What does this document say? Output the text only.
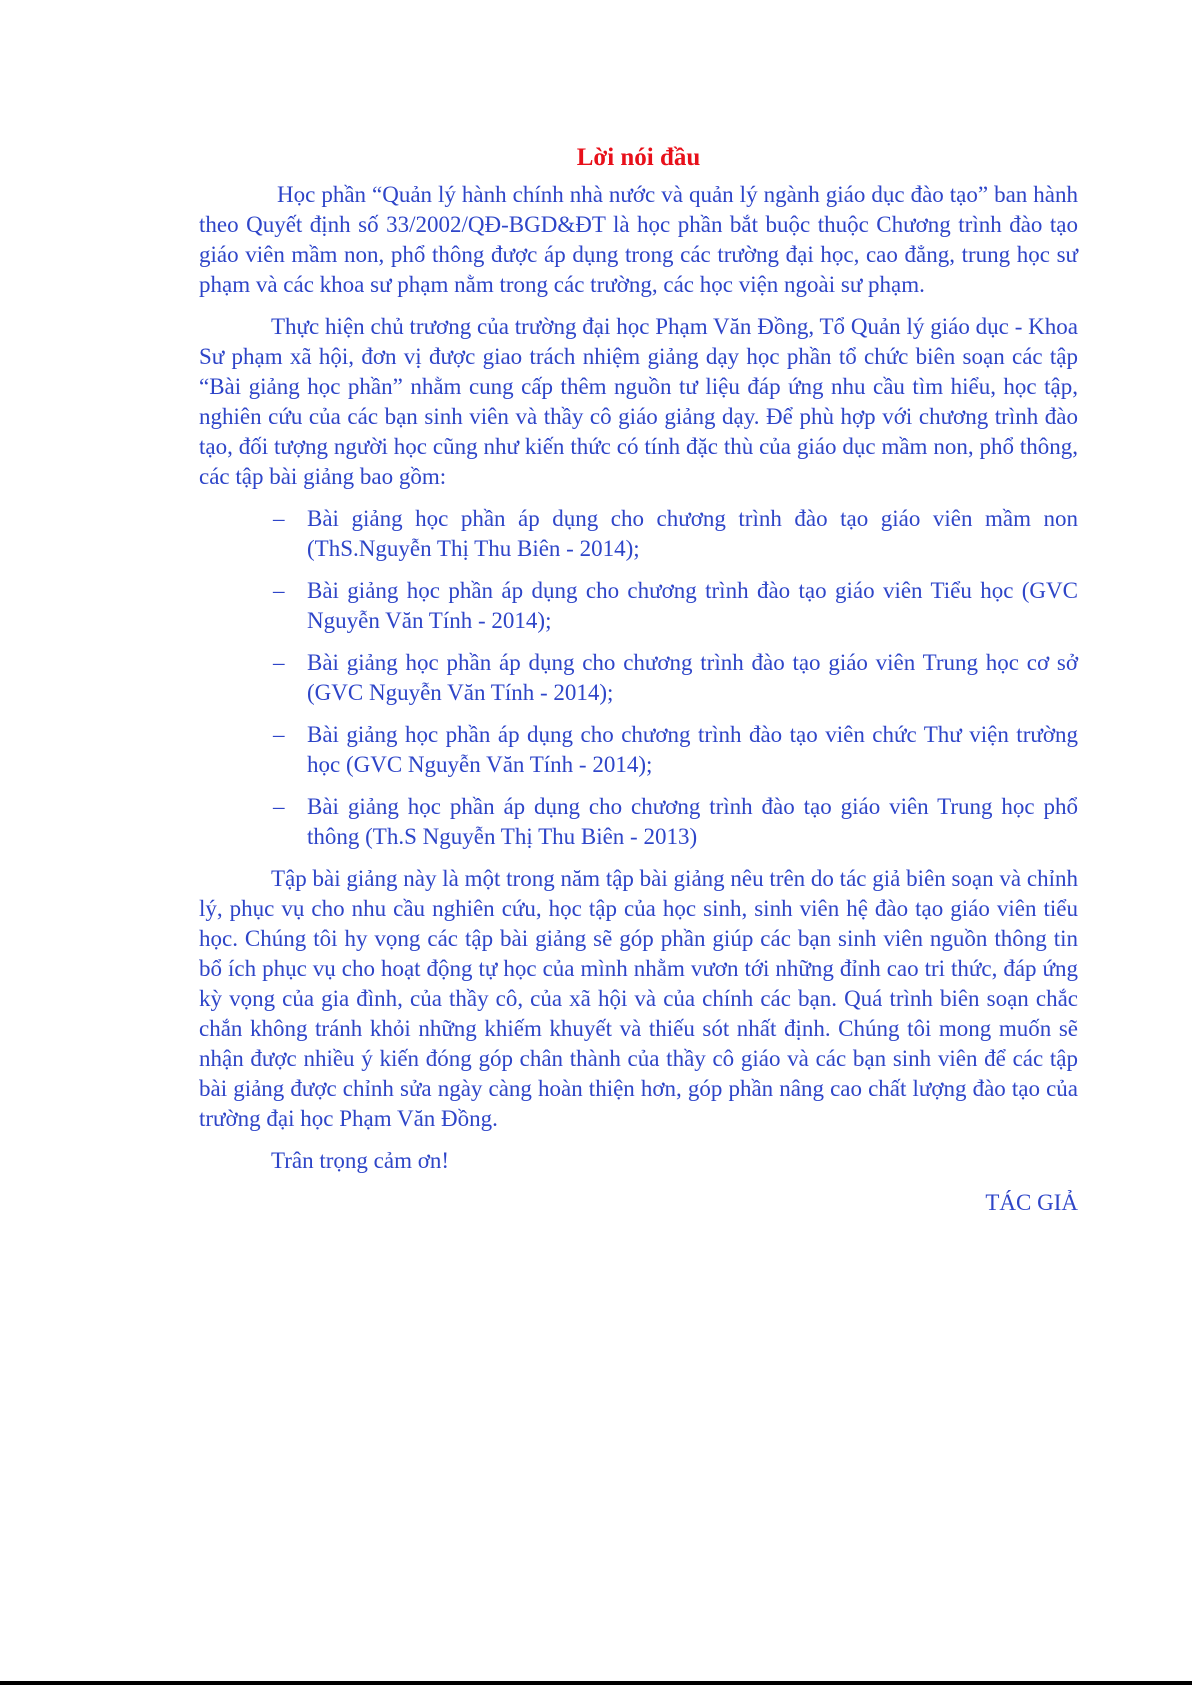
Lời nói đầu

Học phần “Quản lý hành chính nhà nước và quản lý ngành giáo dục đào tạo” ban hành theo Quyết định số 33/2002/QĐ-BGD&ĐT là học phần bắt buộc thuộc Chương trình đào tạo giáo viên mầm non, phổ thông được áp dụng trong các trường đại học, cao đẳng, trung học sư phạm và các khoa sư phạm nằm trong các trường, các học viện ngoài sư phạm.

Thực hiện chủ trương của trường đại học Phạm Văn Đồng, Tổ Quản lý giáo dục - Khoa Sư phạm xã hội, đơn vị được giao trách nhiệm giảng dạy học phần tổ chức biên soạn các tập “Bài giảng học phần” nhằm cung cấp thêm nguồn tư liệu đáp ứng nhu cầu tìm hiểu, học tập, nghiên cứu của các bạn sinh viên và thầy cô giáo giảng dạy. Để phù hợp với chương trình đào tạo, đối tượng người học cũng như kiến thức có tính đặc thù của giáo dục mầm non, phổ thông, các tập bài giảng bao gồm:

– Bài giảng học phần áp dụng cho chương trình đào tạo giáo viên mầm non (ThS.Nguyễn Thị Thu Biên - 2014);
– Bài giảng học phần áp dụng cho chương trình đào tạo giáo viên Tiểu học (GVC Nguyễn Văn Tính - 2014);
– Bài giảng học phần áp dụng cho chương trình đào tạo giáo viên Trung học cơ sở (GVC Nguyễn Văn Tính - 2014);
– Bài giảng học phần áp dụng cho chương trình đào tạo viên chức Thư viện trường học (GVC Nguyễn Văn Tính - 2014);
– Bài giảng học phần áp dụng cho chương trình đào tạo giáo viên Trung học phổ thông (Th.S Nguyễn Thị Thu Biên - 2013)

Tập bài giảng này là một trong năm tập bài giảng nêu trên do tác giả biên soạn và chỉnh lý, phục vụ cho nhu cầu nghiên cứu, học tập của học sinh, sinh viên hệ đào tạo giáo viên tiểu học. Chúng tôi hy vọng các tập bài giảng sẽ góp phần giúp các bạn sinh viên nguồn thông tin bổ ích phục vụ cho hoạt động tự học của mình nhằm vươn tới những đỉnh cao tri thức, đáp ứng kỳ vọng của gia đình, của thầy cô, của xã hội và của chính các bạn. Quá trình biên soạn chắc chắn không tránh khỏi những khiếm khuyết và thiếu sót nhất định. Chúng tôi mong muốn sẽ nhận được nhiều ý kiến đóng góp chân thành của thầy cô giáo và các bạn sinh viên để các tập bài giảng được chỉnh sửa ngày càng hoàn thiện hơn, góp phần nâng cao chất lượng đào tạo của trường đại học Phạm Văn Đồng.

Trân trọng cảm ơn!

TÁC GIẢ
